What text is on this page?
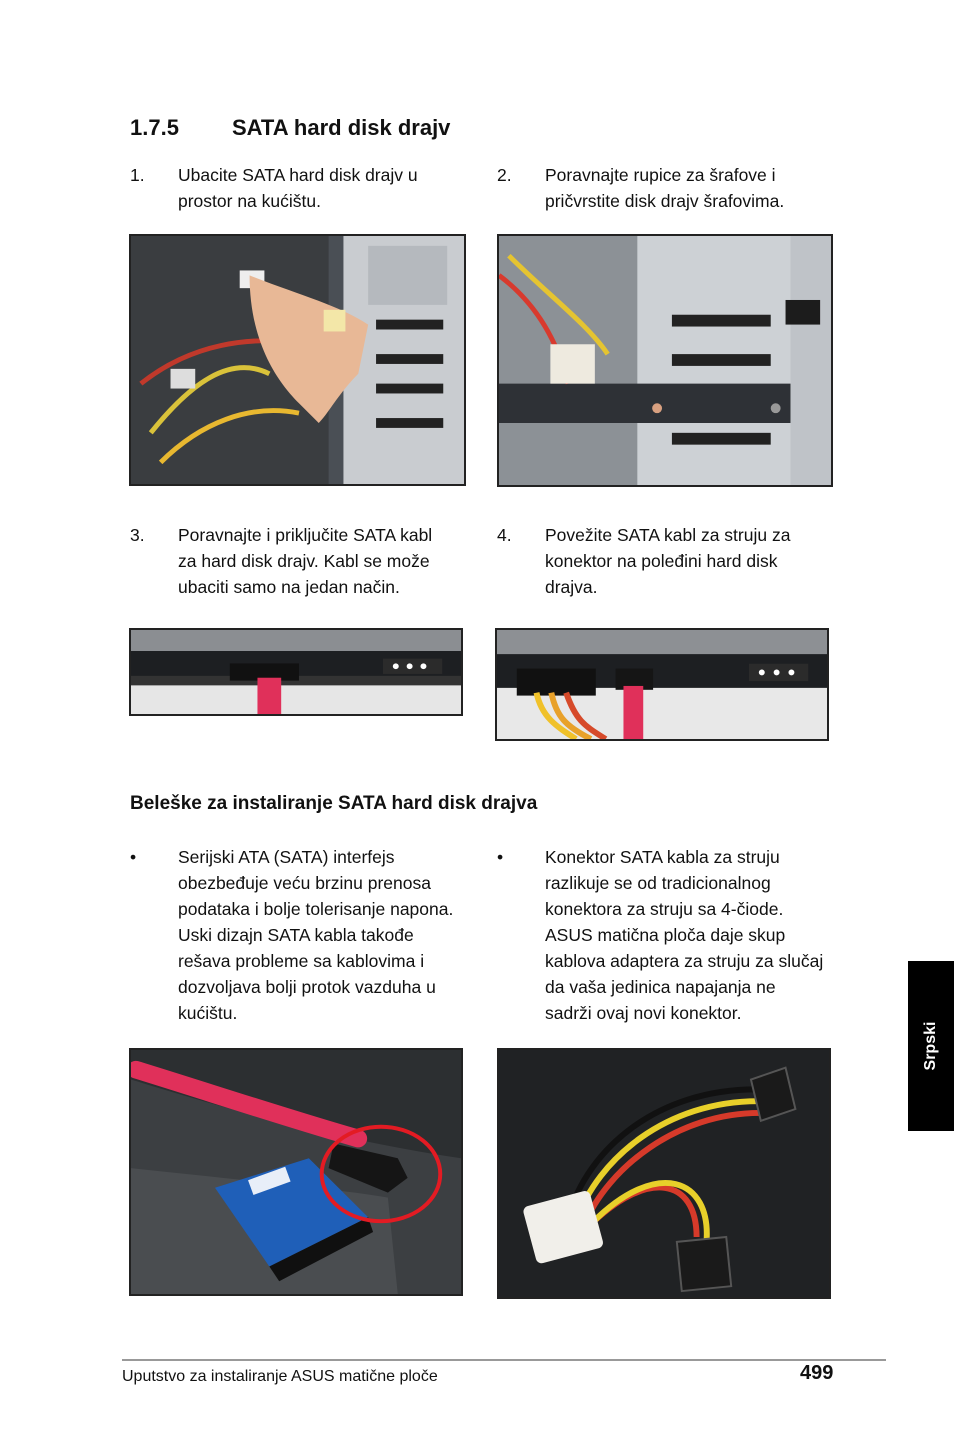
1.7.5 SATA hard disk drajv
1. Ubacite SATA hard disk drajv u
prostor na kućištu.
2. Poravnajte rupice za šrafove i
pričvrstite disk drajv šrafovima.
3. Poravnajte i priključite SATA kabl
za hard disk drajv. Kabl se može
ubaciti samo na jedan način.
4. Povežite SATA kabl za struju za
konektor na poleđini hard disk
drajva.
Beleške za instaliranje SATA hard disk drajva
• Serijski ATA (SATA) interfejs
obezbeđuje veću brzinu prenosa
podataka i bolje tolerisanje napona.
Uski dizajn SATA kabla takođe
rešava probleme sa kablovima i
dozvoljava bolji protok vazduha u
kućištu.
• Konektor SATA kabla za struju
razlikuje se od tradicionalnog
konektora za struju sa 4-čiode.
ASUS matična ploča daje skup
kablova adaptera za struju za slučaj
da vaša jedinica napajanja ne
sadrži ovaj novi konektor.
Srpski
Uputstvo za instaliranje ASUS matične ploče	499
